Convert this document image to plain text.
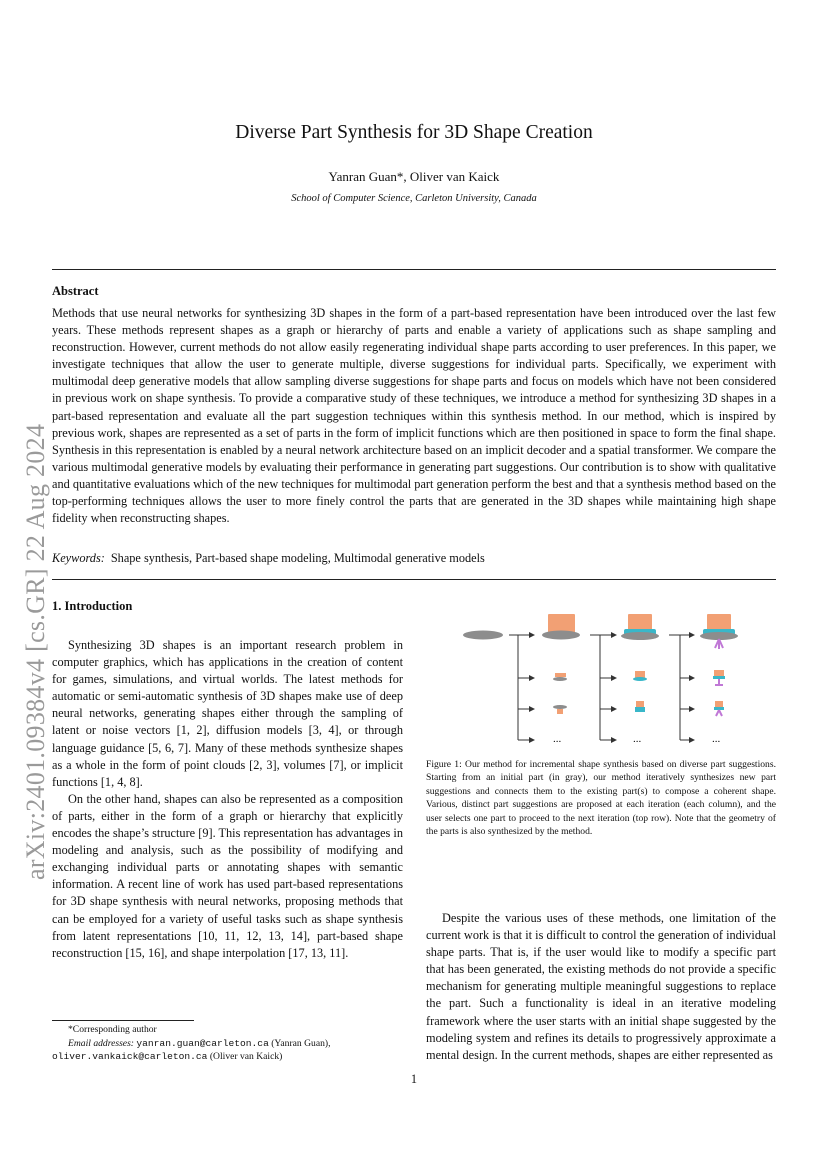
arXiv:2401.09384v4 [cs.GR] 22 Aug 2024
Diverse Part Synthesis for 3D Shape Creation
Yanran Guan*, Oliver van Kaick
School of Computer Science, Carleton University, Canada
Abstract
Methods that use neural networks for synthesizing 3D shapes in the form of a part-based representation have been introduced over the last few years. These methods represent shapes as a graph or hierarchy of parts and enable a variety of applications such as shape sampling and reconstruction. However, current methods do not allow easily regenerating individual shape parts according to user preferences. In this paper, we investigate techniques that allow the user to generate multiple, diverse suggestions for individual parts. Specifically, we experiment with multimodal deep generative models that allow sampling diverse suggestions for shape parts and focus on models which have not been considered in previous work on shape synthesis. To provide a comparative study of these techniques, we introduce a method for synthesizing 3D shapes in a part-based representation and evaluate all the part suggestion techniques within this synthesis method. In our method, which is inspired by previous work, shapes are represented as a set of parts in the form of implicit functions which are then positioned in space to form the final shape. Synthesis in this representation is enabled by a neural network architecture based on an implicit decoder and a spatial transformer. We compare the various multimodal generative models by evaluating their performance in generating part suggestions. Our contribution is to show with qualitative and quantitative evaluations which of the new techniques for multimodal part generation perform the best and that a synthesis method based on the top-performing techniques allows the user to more finely control the parts that are generated in the 3D shapes while maintaining high shape fidelity when reconstructing shapes.
Keywords: Shape synthesis, Part-based shape modeling, Multimodal generative models
1. Introduction

Synthesizing 3D shapes is an important research problem in computer graphics, which has applications in the creation of content for games, simulations, and virtual worlds. The latest methods for automatic or semi-automatic synthesis of 3D shapes make use of deep neural networks, generating shapes either through the sampling of latent or noise vectors [1, 2], diffusion models [3, 4], or through language guidance [5, 6, 7]. Many of these methods synthesize shapes as a whole in the form of point clouds [2, 3], volumes [7], or implicit functions [1, 4, 8].

On the other hand, shapes can also be represented as a composition of parts, either in the form of a graph or hierarchy that explicitly encodes the shape’s structure [9]. This representation has advantages in modeling and analysis, such as the possibility of modifying and exchanging individual parts or annotating shapes with semantic information. A recent line of work has used part-based representations for 3D shape synthesis with neural networks, proposing methods that can be employed for a variety of useful tasks such as shape synthesis from latent representations [10, 11, 12, 13, 14], part-based shape reconstruction [15, 16], and shape interpolation [17, 13, 11].

...	...	...
Figure 1: Our method for incremental shape synthesis based on diverse part suggestions. Starting from an initial part (in gray), our method iteratively synthesizes new part suggestions and connects them to the existing part(s) to compose a coherent shape. Various, distinct part suggestions are proposed at each iteration (each column), and the user selects one part to proceed to the next iteration (top row). Note that the geometry of the parts is also synthesized by the method.

Despite the various uses of these methods, one limitation of the current work is that it is difficult to control the generation of individual shape parts. That is, if the user would like to modify a specific part that has been generated, the existing methods do not provide a specific mechanism for generating multiple meaningful suggestions to replace the part. Such a functionality is ideal in an iterative modeling framework where the user starts with an initial shape suggested by the modeling system and refines its details to progressively approximate a mental design. In the current methods, shapes are either represented as

*Corresponding author
Email addresses: yanran.guan@carleton.ca (Yanran Guan),
oliver.vankaick@carleton.ca (Oliver van Kaick)
1
